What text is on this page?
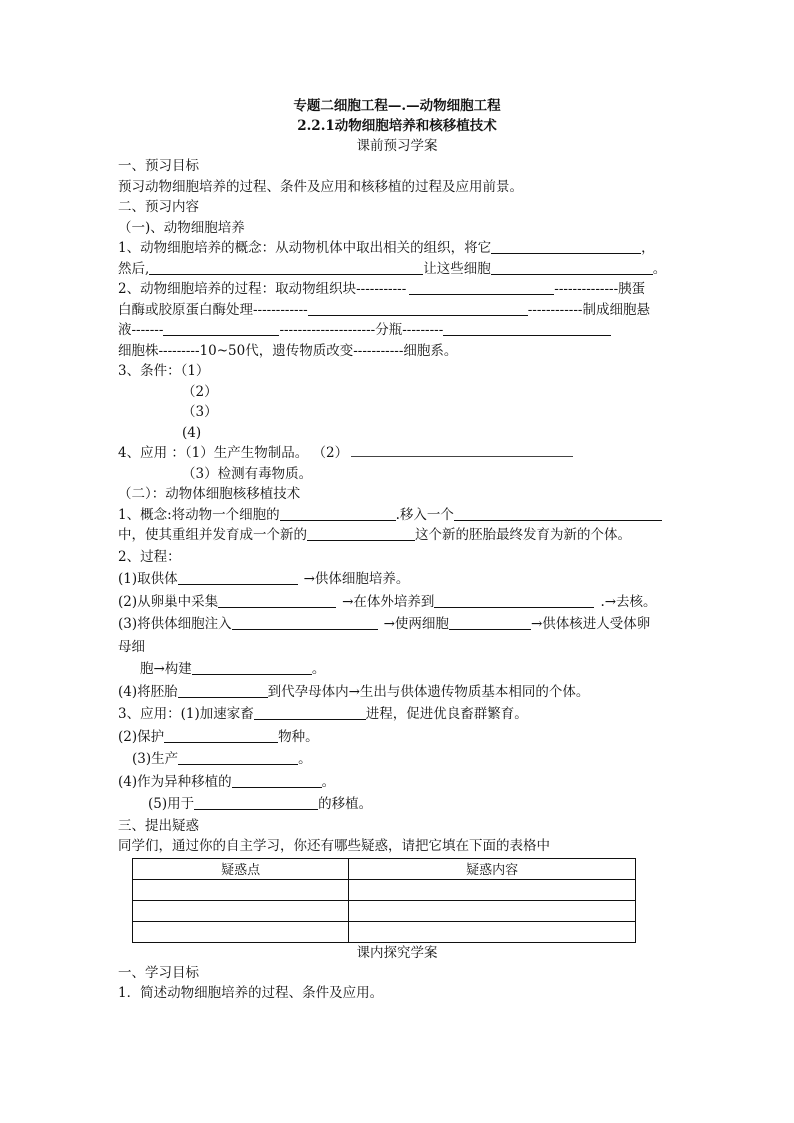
专题二细胞工程—.—动物细胞工程
2.2.1动物细胞培养和核移植技术
课前预习学案
一、预习目标
预习动物细胞培养的过程、条件及应用和核移植的过程及应用前景。
二、预习内容
（一)、动物细胞培养
1、动物细胞培养的概念：从动物机体中取出相关的组织，将它	，
然后,	让这些细胞	。
2、动物细胞培养的过程：取动物组织块-----------	--------------胰蛋
白酶或胶原蛋白酶处理------------	------------制成细胞悬
液-------	---------------------分瓶---------
细胞株---------10~50代，遗传物质改变-----------细胞系。
3、条件：（1）
（2）
（3）
(4)
4、应用 ：（1）生产生物制品。 （2）
（3）检测有毒物质。
（二）：动物体细胞核移植技术
1、概念:将动物一个细胞的	.移入一个
中，使其重组并发育成一个新的	这个新的胚胎最终发育为新的个体。
2、过程：
(1)取供体	→供体细胞培养。
(2)从卵巢中采集	→在体外培养到	.→去核。
(3)将供体细胞注入	→使两细胞	→供体核进人受体卵
母细
胞→构建	。
(4)将胚胎	到代孕母体内→生出与供体遗传物质基本相同的个体。
3、应用：(1)加速家畜	进程，促进优良畜群繁育。
(2)保护	物种。
(3)生产	。
(4)作为异种移植的	。
(5)用于	的移植。
三、提出疑惑
同学们，通过你的自主学习，你还有哪些疑惑，请把它填在下面的表格中
疑惑点	疑惑内容

课内探究学案
一、学习目标
1．简述动物细胞培养的过程、条件及应用。
